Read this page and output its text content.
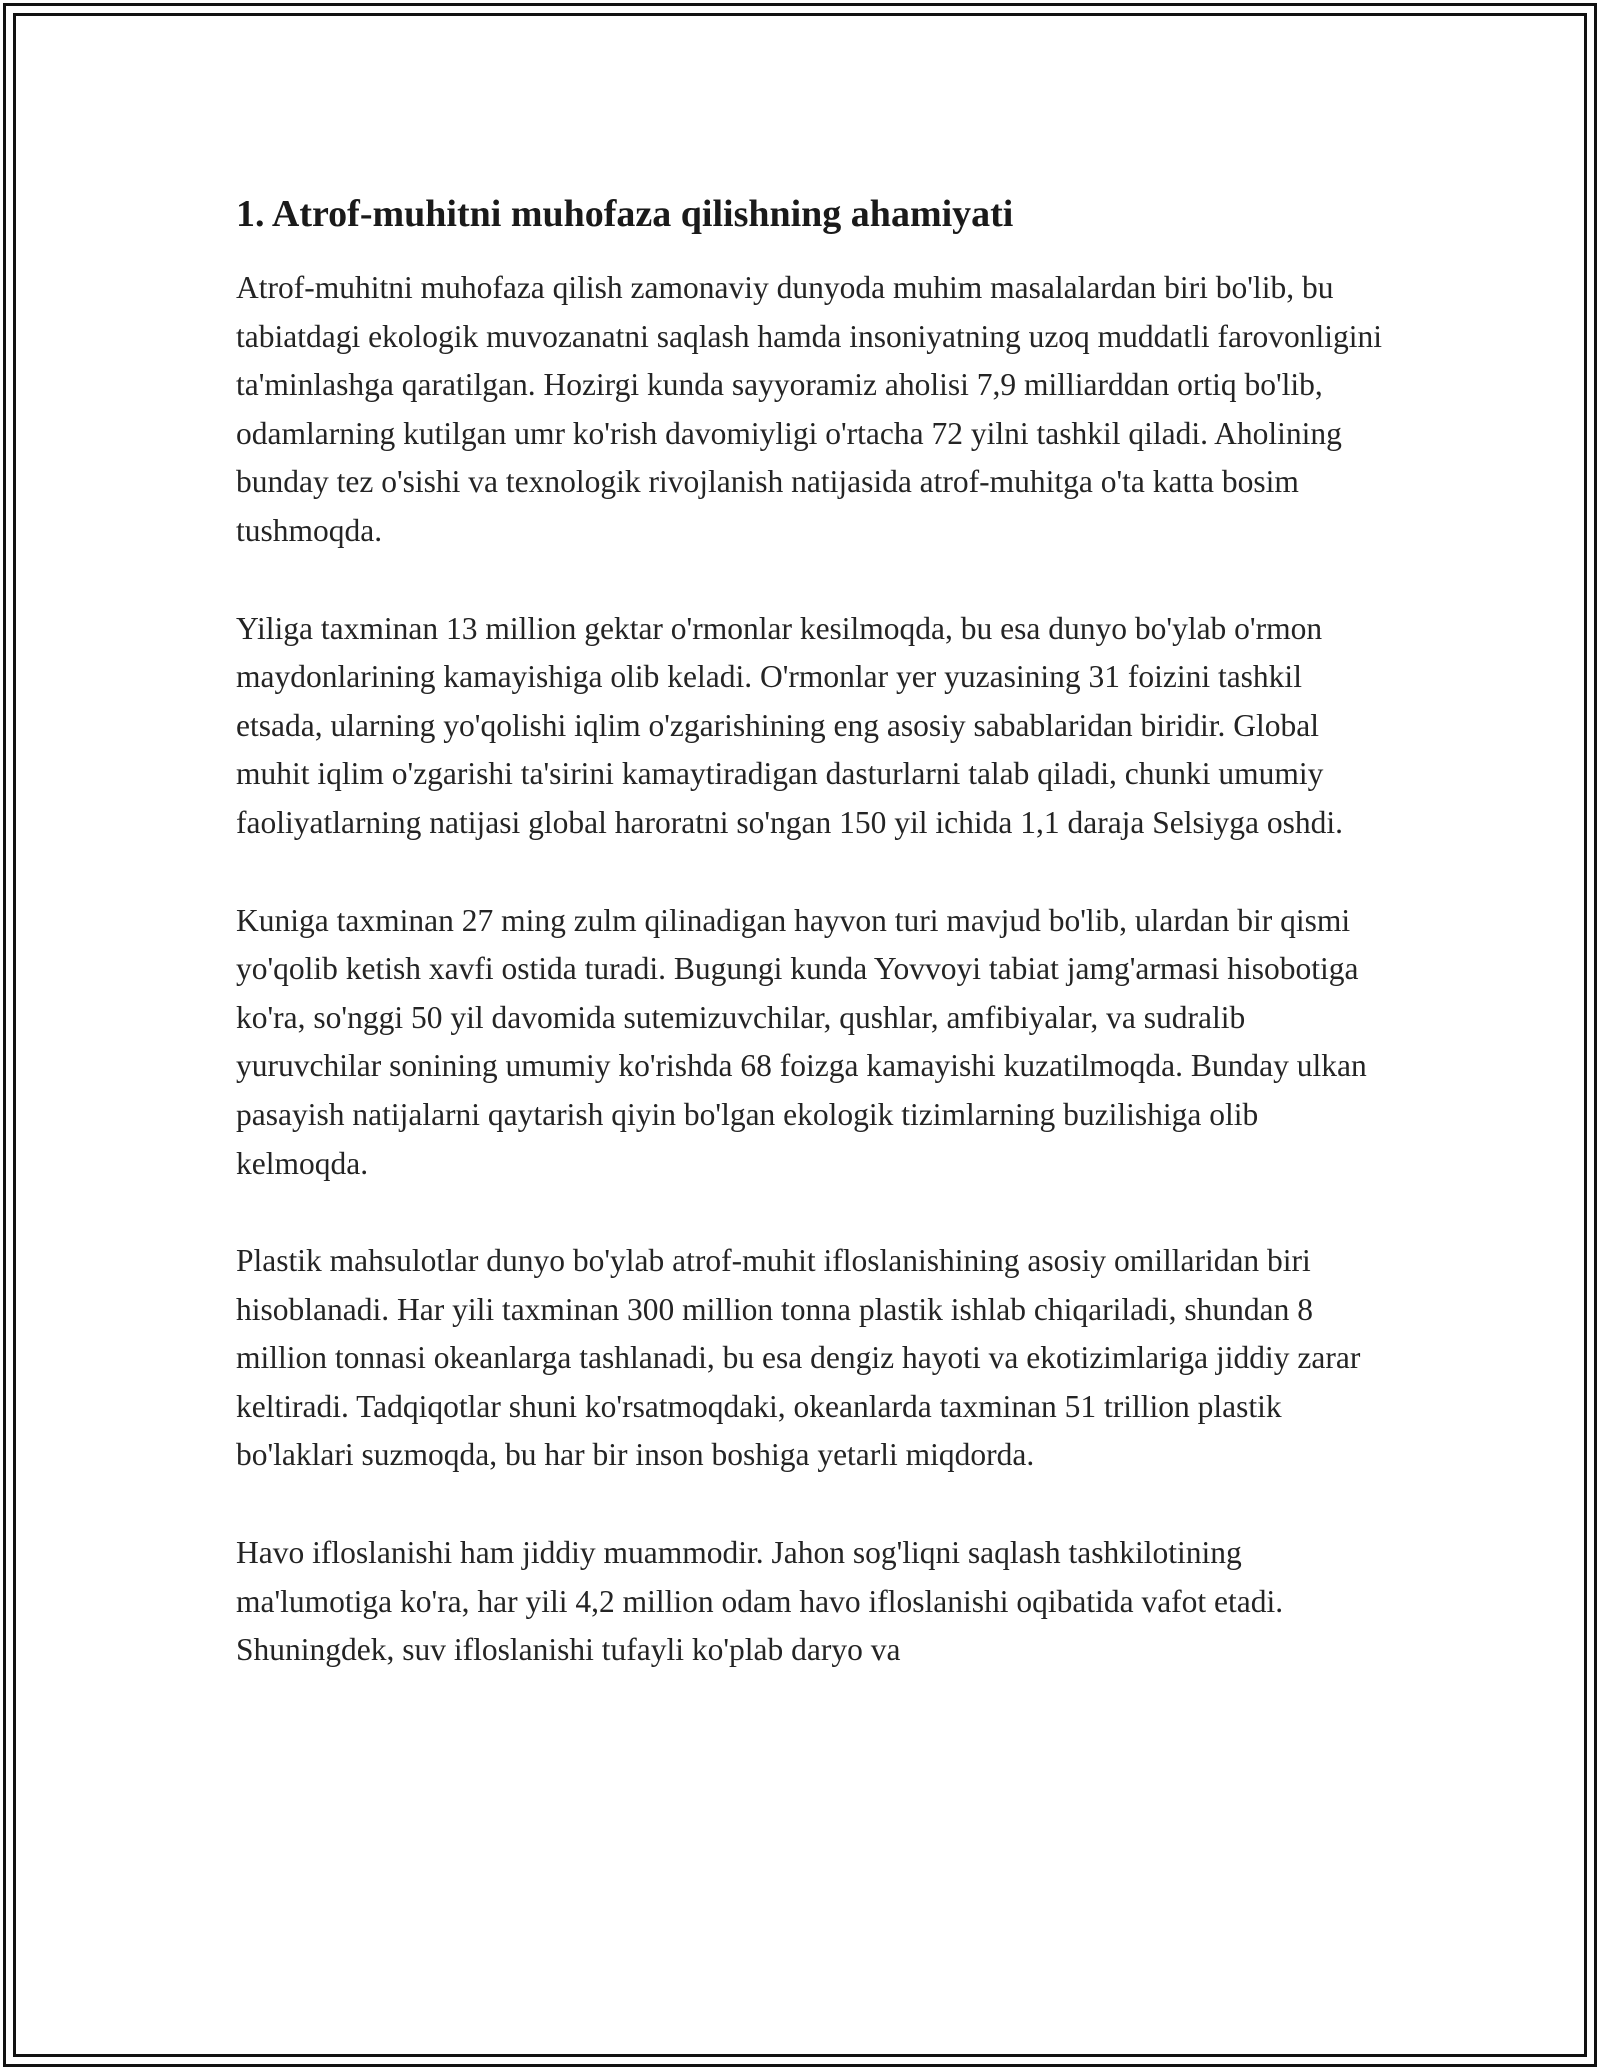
1. Atrof-muhitni muhofaza qilishning ahamiyati

Atrof-muhitni muhofaza qilish zamonaviy dunyoda muhim masalalardan biri bo'lib, bu tabiatdagi ekologik muvozanatni saqlash hamda insoniyatning uzoq muddatli farovonligini ta'minlashga qaratilgan. Hozirgi kunda sayyoramiz aholisi 7,9 milliarddan ortiq bo'lib, odamlarning kutilgan umr ko'rish davomiyligi o'rtacha 72 yilni tashkil qiladi. Aholining bunday tez o'sishi va texnologik rivojlanish natijasida atrof-muhitga o'ta katta bosim tushmoqda.

Yiliga taxminan 13 million gektar o'rmonlar kesilmoqda, bu esa dunyo bo'ylab o'rmon maydonlarining kamayishiga olib keladi. O'rmonlar yer yuzasining 31 foizini tashkil etsada, ularning yo'qolishi iqlim o'zgarishining eng asosiy sabablaridan biridir. Global muhit iqlim o'zgarishi ta'sirini kamaytiradigan dasturlarni talab qiladi, chunki umumiy faoliyatlarning natijasi global haroratni so'ngan 150 yil ichida 1,1 daraja Selsiyga oshdi.

Kuniga taxminan 27 ming zulm qilinadigan hayvon turi mavjud bo'lib, ulardan bir qismi yo'qolib ketish xavfi ostida turadi. Bugungi kunda Yovvoyi tabiat jamg'armasi hisobotiga ko'ra, so'nggi 50 yil davomida sutemizuvchilar, qushlar, amfibiyalar, va sudralib yuruvchilar sonining umumiy ko'rishda 68 foizga kamayishi kuzatilmoqda. Bunday ulkan pasayish natijalarni qaytarish qiyin bo'lgan ekologik tizimlarning buzilishiga olib kelmoqda.

Plastik mahsulotlar dunyo bo'ylab atrof-muhit ifloslanishining asosiy omillaridan biri hisoblanadi. Har yili taxminan 300 million tonna plastik ishlab chiqariladi, shundan 8 million tonnasi okeanlarga tashlanadi, bu esa dengiz hayoti va ekotizimlariga jiddiy zarar keltiradi. Tadqiqotlar shuni ko'rsatmoqdaki, okeanlarda taxminan 51 trillion plastik bo'laklari suzmoqda, bu har bir inson boshiga yetarli miqdorda.

Havo ifloslanishi ham jiddiy muammodir. Jahon sog'liqni saqlash tashkilotining ma'lumotiga ko'ra, har yili 4,2 million odam havo ifloslanishi oqibatida vafot etadi. Shuningdek, suv ifloslanishi tufayli ko'plab daryo va
